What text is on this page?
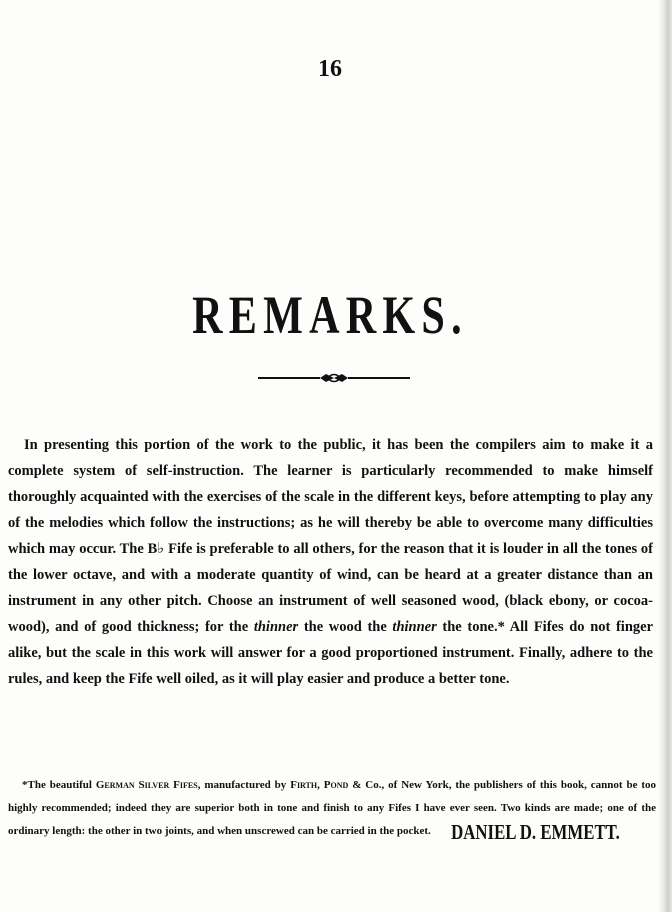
16
REMARKS.

In presenting this portion of the work to the public, it has been the compilers aim to make it a complete system of self-instruction. The learner is particularly recommended to make himself thoroughly acquainted with the exercises of the scale in the different keys, before attempting to play any of the melodies which follow the instructions; as he will thereby be able to overcome many difficulties which may occur. The B♭ Fife is preferable to all others, for the reason that it is louder in all the tones of the lower octave, and with a moderate quantity of wind, can be heard at a greater distance than an instrument in any other pitch. Choose an instrument of well seasoned wood, (black ebony, or cocoa-wood), and of good thickness; for the thinner the wood the thinner the tone.* All Fifes do not finger alike, but the scale in this work will answer for a good proportioned instrument. Finally, adhere to the rules, and keep the Fife well oiled, as it will play easier and produce a better tone.

*The beautiful German Silver Fifes, manufactured by Firth, Pond & Co., of New York, the publishers of this book, cannot be too highly recommended; indeed they are superior both in tone and finish to any Fifes I have ever seen. Two kinds are made; one of the ordinary length: the other in two joints, and when unscrewed can be carried in the pocket. DANIEL D. EMMETT.
